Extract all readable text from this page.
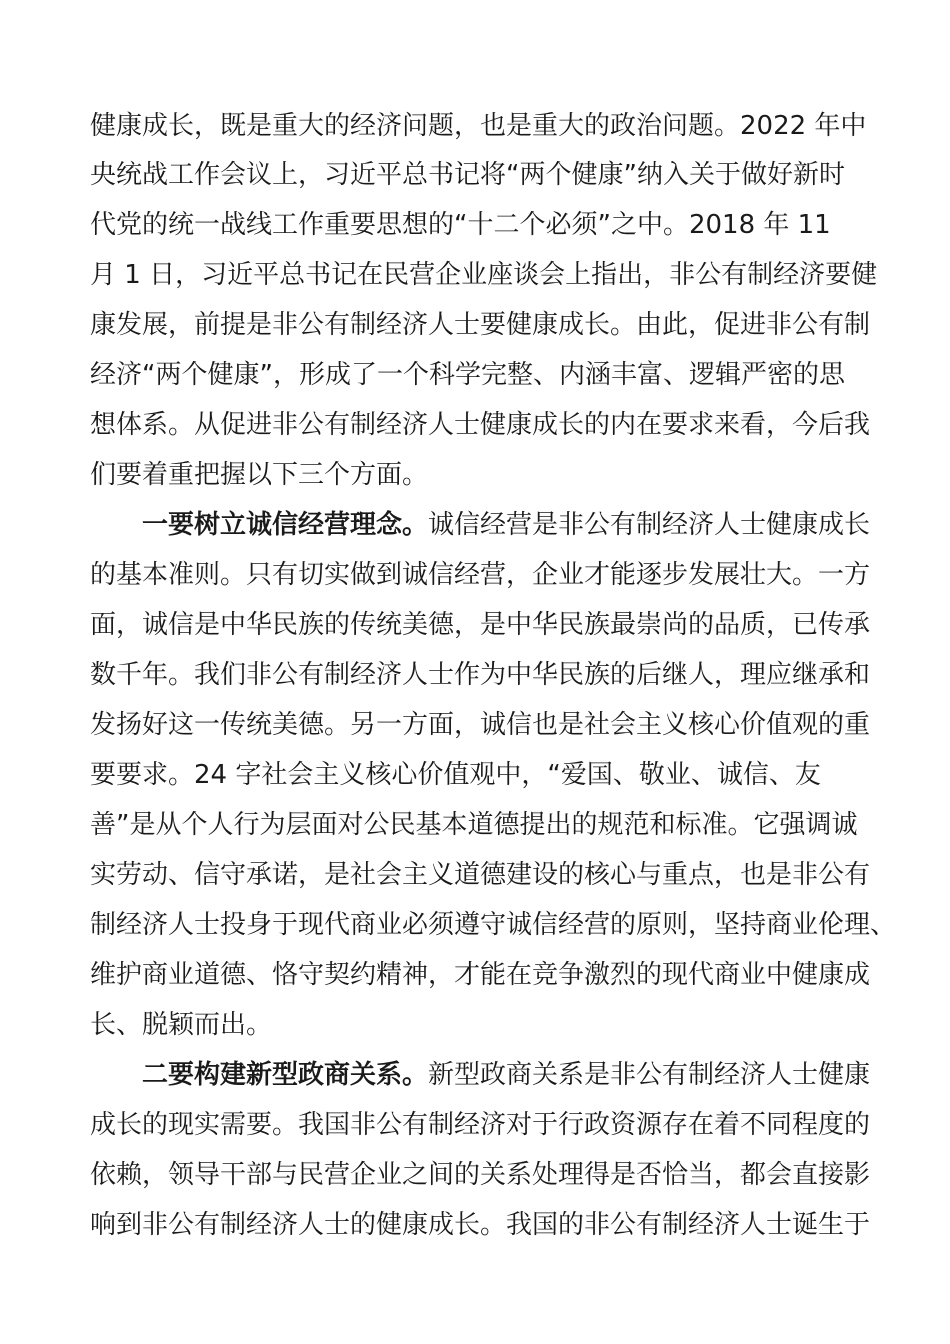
健康成长，既是重大的经济问题，也是重大的政治问题。2022 年中
央统战工作会议上，习近平总书记将“两个健康”纳入关于做好新时
代党的统一战线工作重要思想的“十二个必须”之中。2018 年 11
月 1 日，习近平总书记在民营企业座谈会上指出，非公有制经济要健
康发展，前提是非公有制经济人士要健康成长。由此，促进非公有制
经济“两个健康”，形成了一个科学完整、内涵丰富、逻辑严密的思
想体系。从促进非公有制经济人士健康成长的内在要求来看，今后我
们要着重把握以下三个方面。
一要树立诚信经营理念。诚信经营是非公有制经济人士健康成长
的基本准则。只有切实做到诚信经营，企业才能逐步发展壮大。一方
面，诚信是中华民族的传统美德，是中华民族最崇尚的品质，已传承
数千年。我们非公有制经济人士作为中华民族的后继人，理应继承和
发扬好这一传统美德。另一方面，诚信也是社会主义核心价值观的重
要要求。24 字社会主义核心价值观中，“爱国、敬业、诚信、友
善”是从个人行为层面对公民基本道德提出的规范和标准。它强调诚
实劳动、信守承诺，是社会主义道德建设的核心与重点，也是非公有
制经济人士投身于现代商业必须遵守诚信经营的原则，坚持商业伦理、
维护商业道德、恪守契约精神，才能在竞争激烈的现代商业中健康成
长、脱颖而出。
二要构建新型政商关系。新型政商关系是非公有制经济人士健康
成长的现实需要。我国非公有制经济对于行政资源存在着不同程度的
依赖，领导干部与民营企业之间的关系处理得是否恰当，都会直接影
响到非公有制经济人士的健康成长。我国的非公有制经济人士诞生于
